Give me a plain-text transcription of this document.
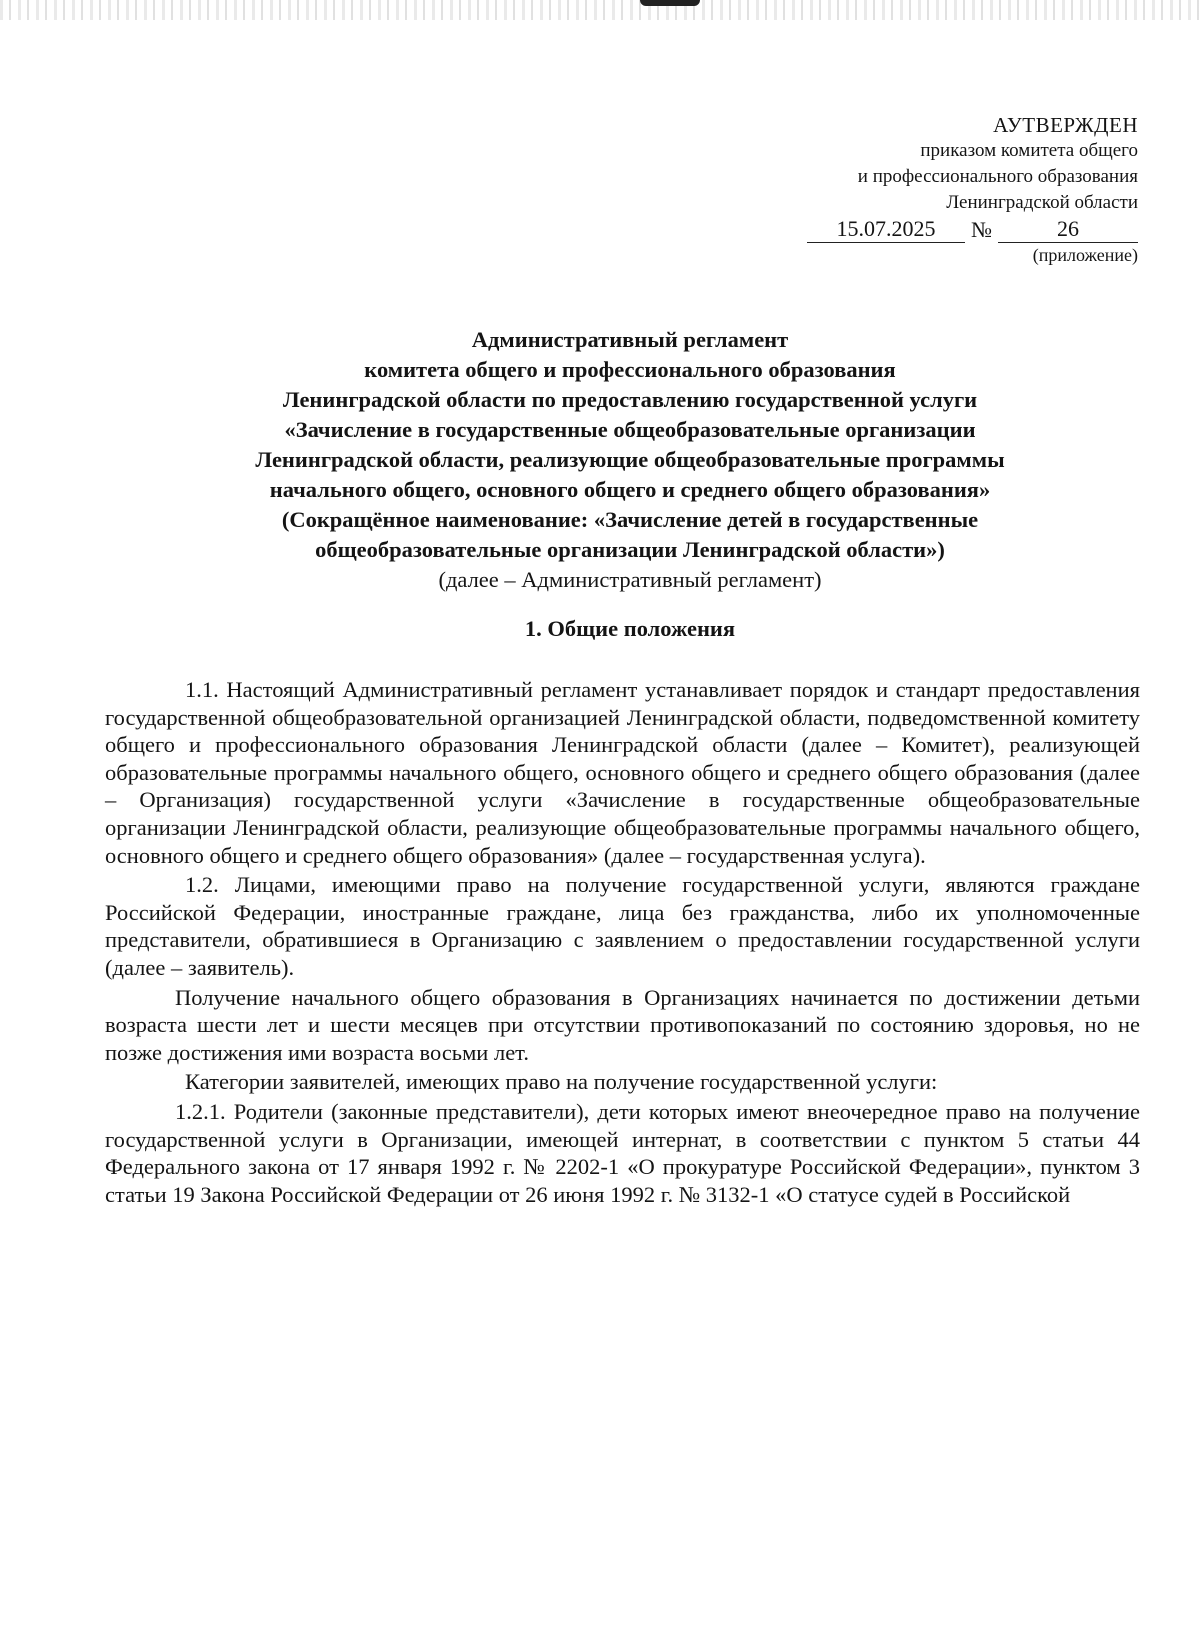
АУТВЕРЖДЕН
приказом комитета общего
и профессионального образования
Ленинградской области
15.07.2025	№	26
(приложение)
Административный регламент
комитета общего и профессионального образования
Ленинградской области по предоставлению государственной услуги
«Зачисление в государственные общеобразовательные организации
Ленинградской области, реализующие общеобразовательные программы
начального общего, основного общего и среднего общего образования»
(Сокращённое наименование: «Зачисление детей в государственные
общеобразовательные организации Ленинградской области»)
(далее – Административный регламент)
1. Общие положения

1.1. Настоящий Административный регламент устанавливает порядок и стандарт предоставления государственной общеобразовательной организацией Ленинградской области, подведомственной комитету общего и профессионального образования Ленинградской области (далее – Комитет), реализующей образовательные программы начального общего, основного общего и среднего общего образования (далее – Организация) государственной услуги «Зачисление в государственные общеобразовательные организации Ленинградской области, реализующие общеобразовательные программы начального общего, основного общего и среднего общего образования» (далее – государственная услуга).

1.2. Лицами, имеющими право на получение государственной услуги, являются граждане Российской Федерации, иностранные граждане, лица без гражданства, либо их уполномоченные представители, обратившиеся в Организацию с заявлением о предоставлении государственной услуги (далее – заявитель).

Получение начального общего образования в Организациях начинается по достижении детьми возраста шести лет и шести месяцев при отсутствии противопоказаний по состоянию здоровья, но не позже достижения ими возраста восьми лет.

Категории заявителей, имеющих право на получение государственной услуги:

1.2.1. Родители (законные представители), дети которых имеют внеочередное право на получение государственной услуги в Организации, имеющей интернат, в соответствии с пунктом 5 статьи 44 Федерального закона от 17 января 1992 г. № 2202-1 «О прокуратуре Российской Федерации», пунктом 3 статьи 19 Закона Российской Федерации от 26 июня 1992 г. № 3132-1 «О статусе судей в Российской
